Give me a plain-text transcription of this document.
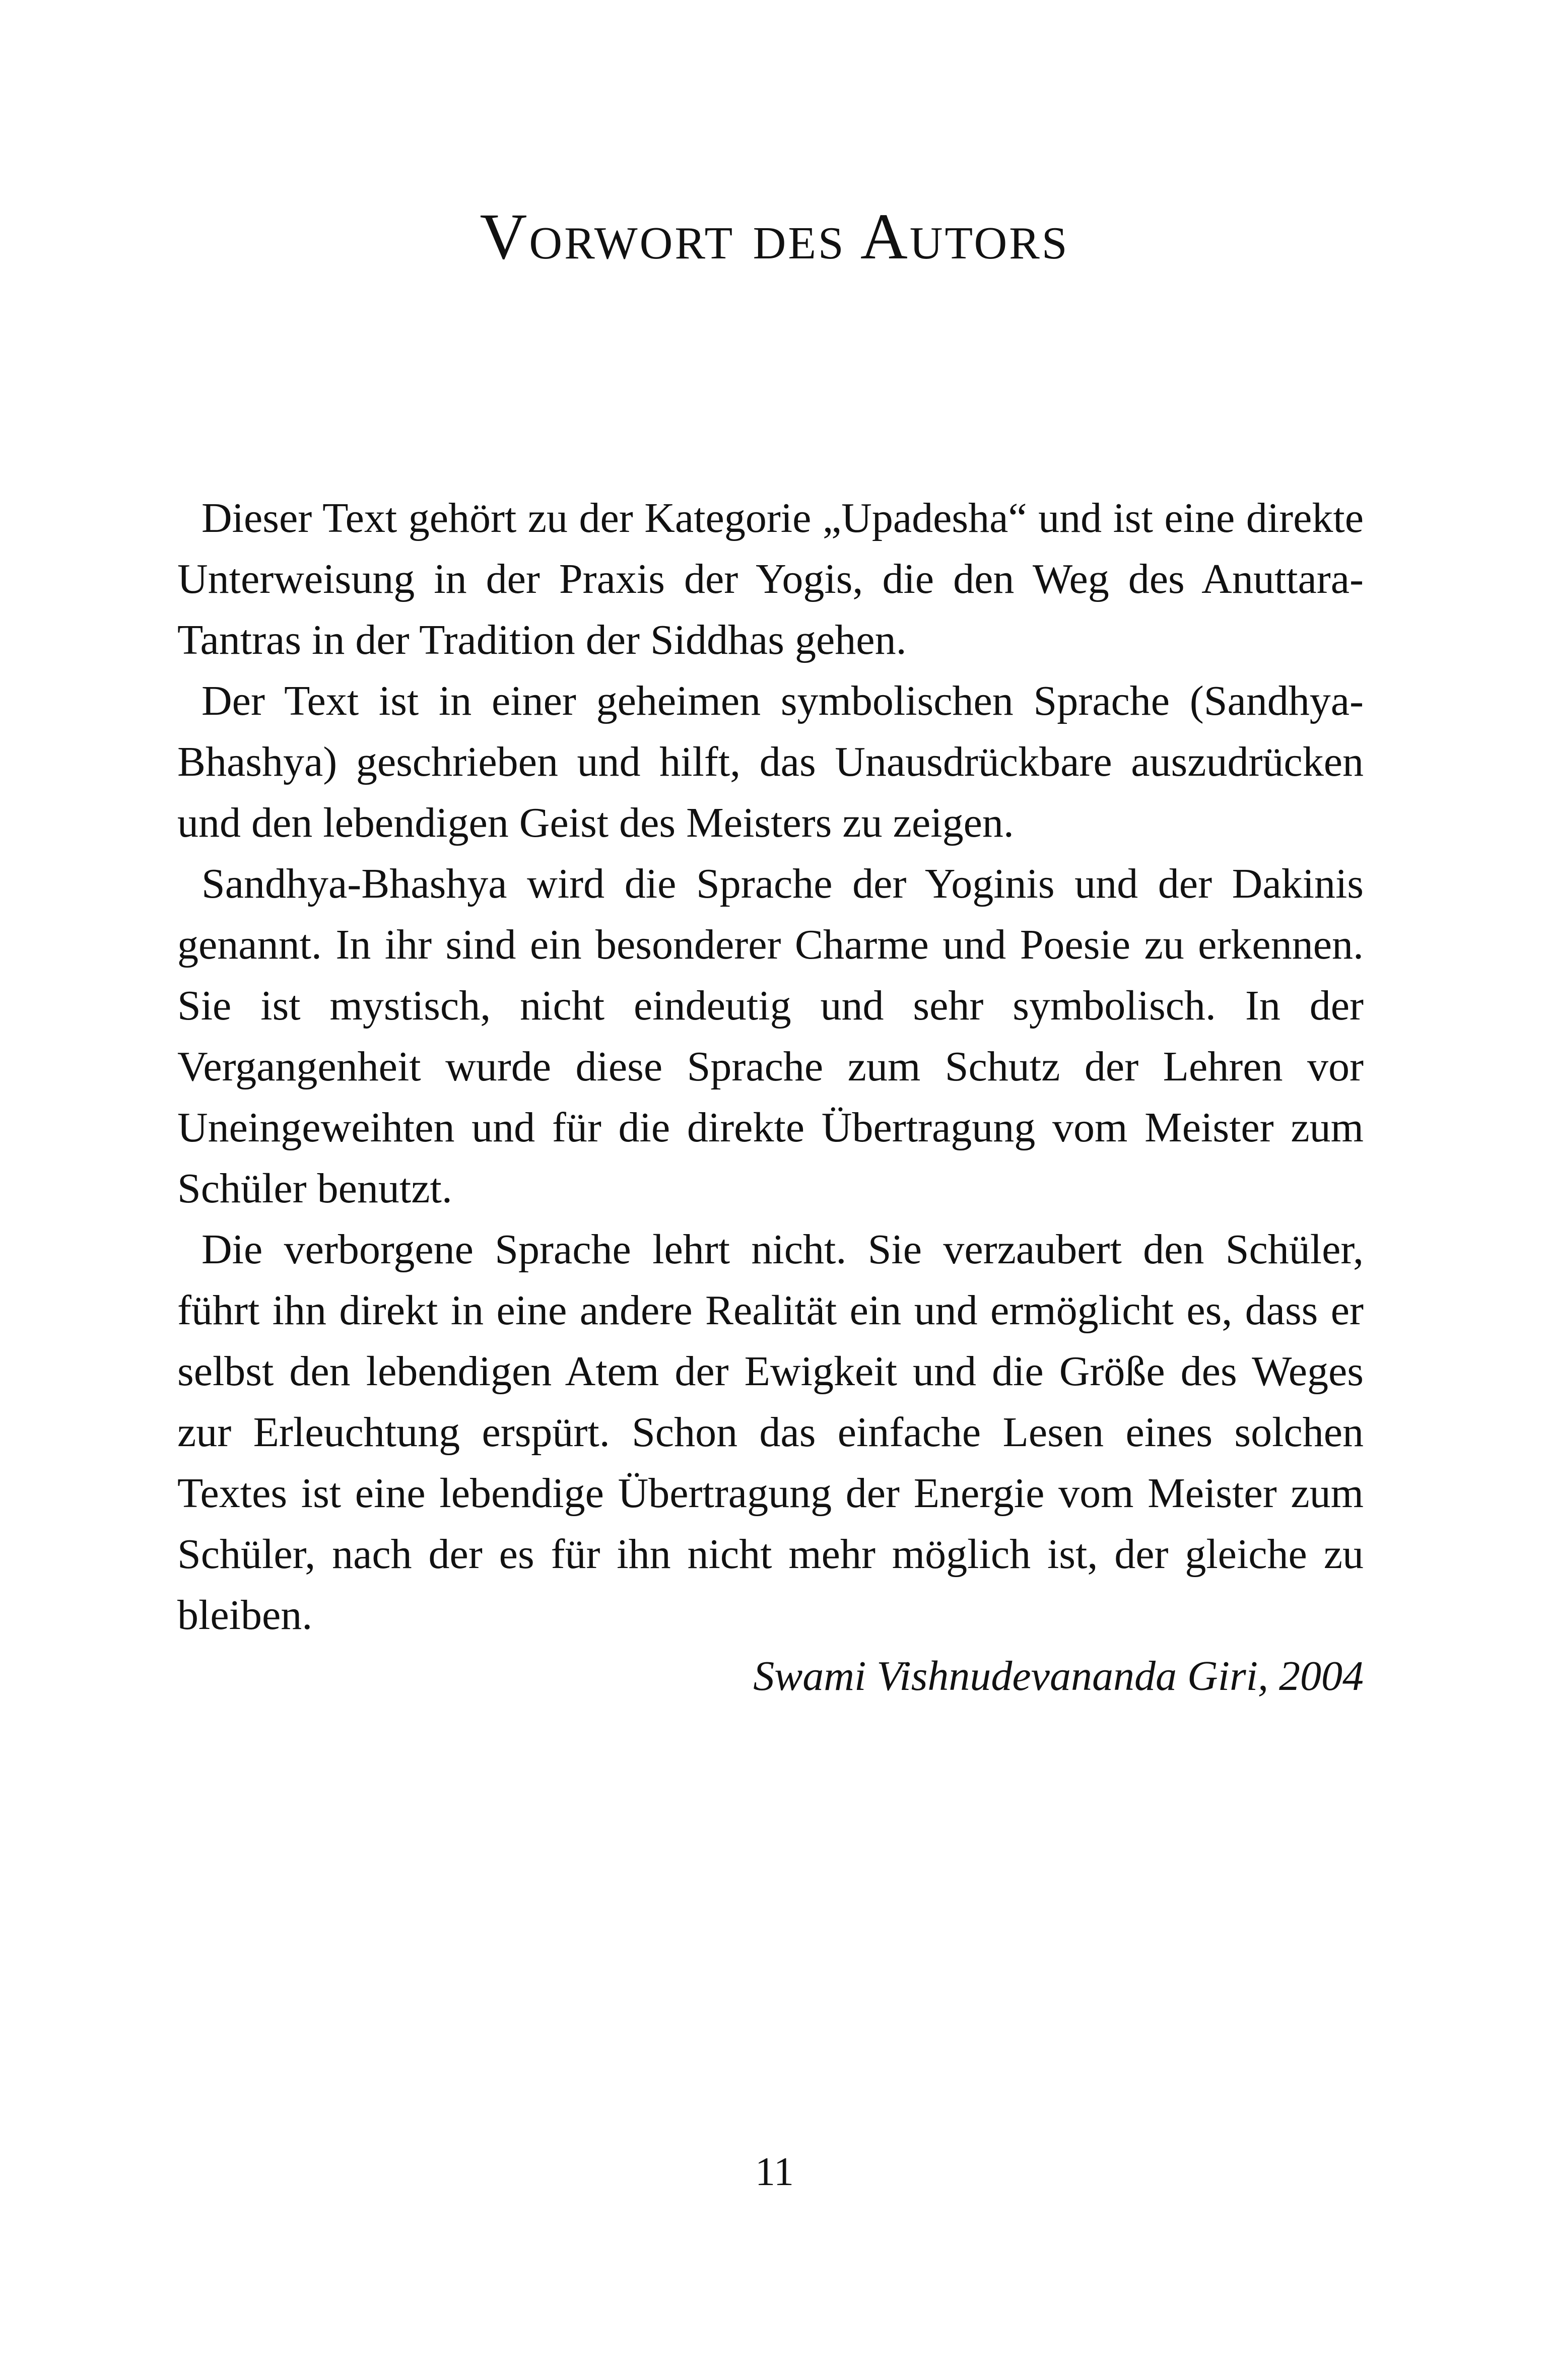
Vorwort des Autors

Dieser Text gehört zu der Kategorie „Upadesha“ und ist eine direkte Unterweisung in der Praxis der Yogis, die den Weg des Anuttara-Tantras in der Tradition der Siddhas gehen.

Der Text ist in einer geheimen symbolischen Sprache (SandhyaBhashya) geschrieben und hilft, das Unausdrückbare auszudrücken und den lebendigen Geist des Meisters zu zeigen.

Sandhya-Bhashya wird die Sprache der Yoginis und der Dakinis genannt. In ihr sind ein besonderer Charme und Poesie zu erkennen. Sie ist mystisch, nicht eindeutig und sehr symbolisch. In der Vergangenheit wurde diese Sprache zum Schutz der Lehren vor Uneingeweihten und für die direkte Übertragung vom Meister zum Schüler benutzt.

Die verborgene Sprache lehrt nicht. Sie verzaubert den Schüler, führt ihn direkt in eine andere Realität ein und ermöglicht es, dass er selbst den lebendigen Atem der Ewigkeit und die Größe des Weges zur Erleuchtung erspürt. Schon das einfache Lesen eines solchen Textes ist eine lebendige Übertragung der Energie vom Meister zum Schüler, nach der es für ihn nicht mehr möglich ist, der gleiche zu bleiben.

Swami Vishnudevananda Giri, 2004

11
